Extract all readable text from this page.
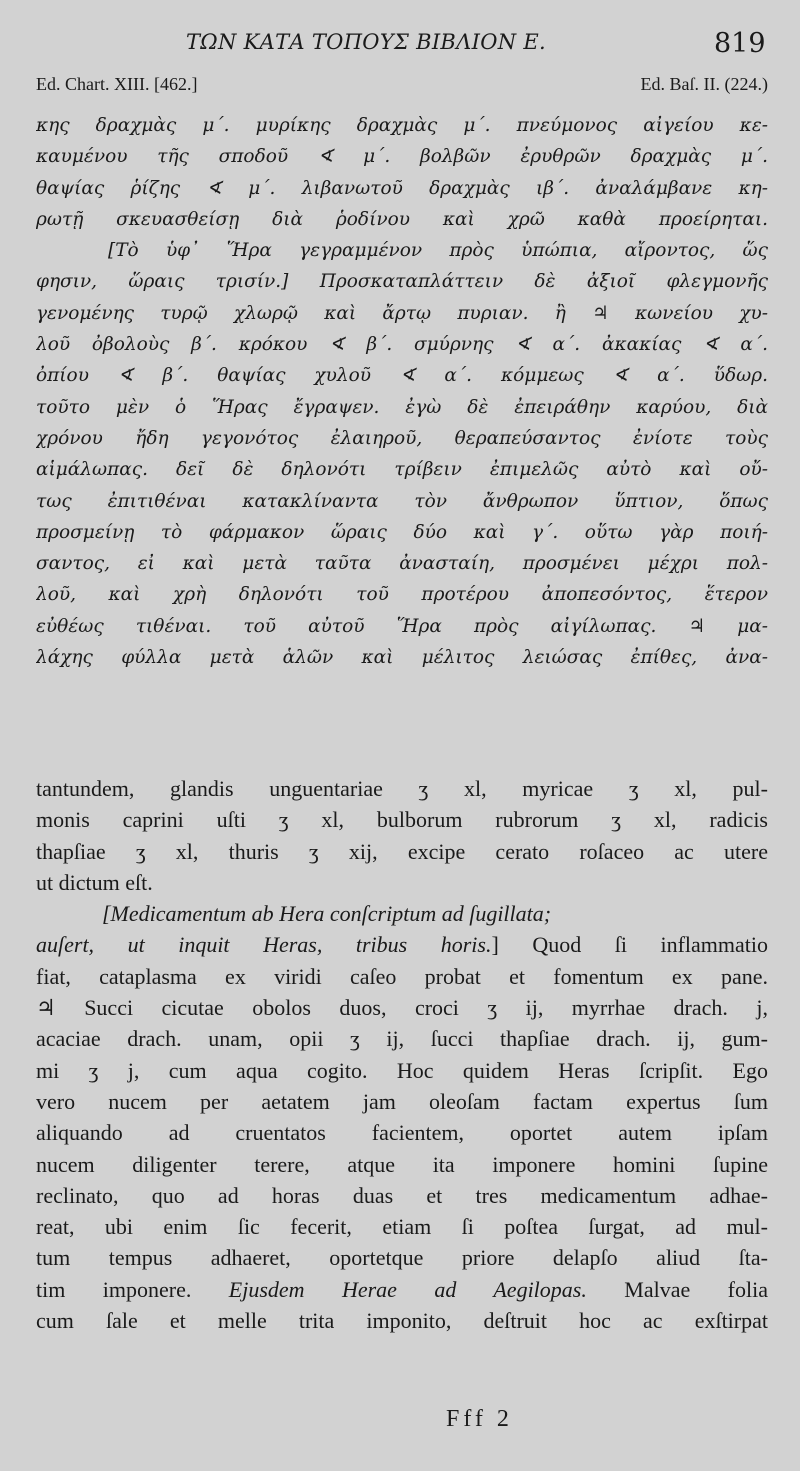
ΤΩΝ ΚΑΤΑ ΤΟΠΟΥΣ ΒΙΒΛΙΟΝ Ε.	819
Ed. Chart. XIII. [462.]	Ed. Baſ. II. (224.)
κης δραχμὰς μ΄. μυρίκης δραχμὰς μ΄. πνεύμονος αἰγείου κε-
καυμένου τῆς σποδοῦ ∢ μ΄. βολβῶν ἐρυθρῶν δραχμὰς μ΄.
θαψίας ῥίζης ∢ μ΄. λιβανωτοῦ δραχμὰς ιβ΄. ἀναλάμβανε κη-
ρωτῇ σκευασθείσῃ διὰ ῥοδίνου καὶ χρῶ καθὰ προείρηται.
[Τὸ ὑφ᾽ Ἥρα γεγραμμένον πρὸς ὑπώπια, αἴροντος, ὥς
φησιν, ὥραις τρισίν.] Προσκαταπλάττειν δὲ ἀξιοῖ φλεγμονῆς
γενομένης τυρῷ χλωρῷ καὶ ἄρτῳ πυριαν. ἢ ♃ κωνείου χυ-
λοῦ ὀβολοὺς β΄. κρόκου ∢ β΄. σμύρνης ∢ α΄. ἀκακίας ∢ α΄.
ὀπίου ∢ β΄. θαψίας χυλοῦ ∢ α΄. κόμμεως ∢ α΄. ὕδωρ.
τοῦτο μὲν ὁ Ἥρας ἔγραψεν. ἐγὼ δὲ ἐπειράθην καρύου, διὰ
χρόνου ἤδη γεγονότος ἐλαιηροῦ, θεραπεύσαντος ἐνίοτε τοὺς
αἱμάλωπας. δεῖ δὲ δηλονότι τρίβειν ἐπιμελῶς αὐτὸ καὶ οὔ-
τως ἐπιτιθέναι κατακλίναντα τὸν ἄνθρωπον ὕπτιον, ὅπως
προσμείνῃ τὸ φάρμακον ὥραις δύο καὶ γ΄. οὕτω γὰρ ποιή-
σαντος, εἰ καὶ μετὰ ταῦτα ἀνασταίη, προσμένει μέχρι πολ-
λοῦ, καὶ χρὴ δηλονότι τοῦ προτέρου ἀποπεσόντος, ἕτερον
εὐθέως τιθέναι. τοῦ αὐτοῦ Ἥρα πρὸς αἰγίλωπας. ♃ μα-
λάχης φύλλα μετὰ ἁλῶν καὶ μέλιτος λειώσας ἐπίθες, ἀνα-
tantundem, glandis unguentariae ʒ xl, myricae ʒ xl, pul-
monis caprini uſti ʒ xl, bulborum rubrorum ʒ xl, radicis
thapſiae ʒ xl, thuris ʒ xij, excipe cerato roſaceo ac utere
ut dictum eſt.
[Medicamentum ab Hera conſcriptum ad ſugillata;
auſert, ut inquit Heras, tribus horis.] Quod ſi inflammatio
fiat, cataplasma ex viridi caſeo probat et fomentum ex pane.
♃ Succi cicutae obolos duos, croci ʒ ij, myrrhae drach. j,
acaciae drach. unam, opii ʒ ij, ſucci thapſiae drach. ij, gum-
mi ʒ j, cum aqua cogito. Hoc quidem Heras ſcripſit. Ego
vero nucem per aetatem jam oleoſam factam expertus ſum
aliquando ad cruentatos facientem, oportet autem ipſam
nucem diligenter terere, atque ita imponere homini ſupine
reclinato, quo ad horas duas et tres medicamentum adhae-
reat, ubi enim ſic fecerit, etiam ſi poſtea ſurgat, ad mul-
tum tempus adhaeret, oportetque priore delapſo aliud ſta-
tim imponere. Ejusdem Herae ad Aegilopas. Malvae folia
cum ſale et melle trita imponito, deſtruit hoc ac exſtirpat
Fff 2
